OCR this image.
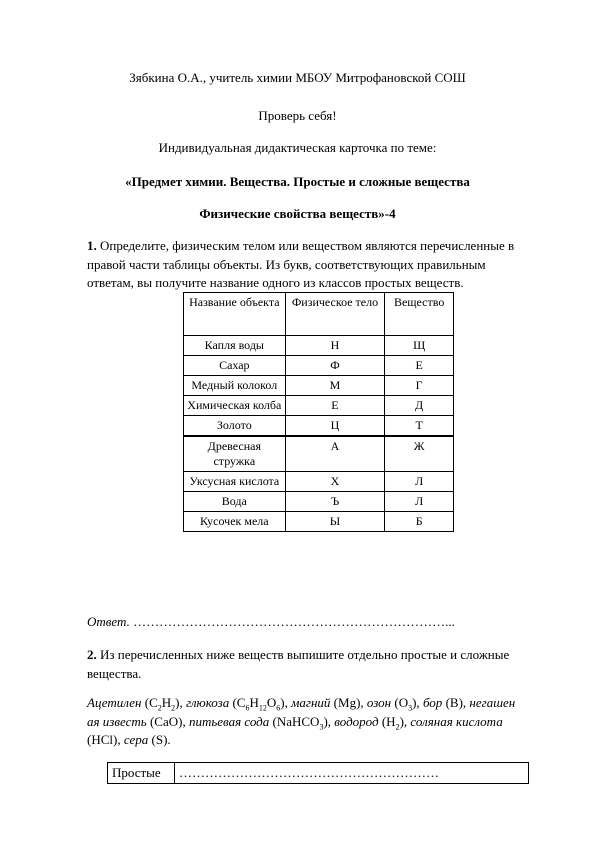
Зябкина О.А., учитель химии МБОУ Митрофановской СОШ
Проверь себя!
Индивидуальная дидактическая карточка по теме:
«Предмет химии. Вещества. Простые и сложные вещества
Физические свойства веществ»-4
1. Определите, физическим телом или веществом являются перечисленные в правой части таблицы объекты. Из букв, соответствующих правильным ответам, вы получите название одного из классов простых веществ.
Название объекта	Физическое тело	Вещество
Капля воды	Н	Щ
Сахар	Ф	Е
Медный колокол	М	Г
Химическая колба	Е	Д
Золото	Ц	Т
Древесная стружка	А	Ж
Уксусная кислота	Х	Л
Вода	Ъ	Л
Кусочек мела	Ы	Б
Ответ. ………………………………………………………………...
2. Из перечисленных ниже веществ выпишите отдельно простые и сложные вещества.
Ацетилен $(C_2H_2)$, глюкоза $(C_6H_{12}O_6)$, магний (Mg), озон $(O_3)$, бор (B), негашен ая известь (CaO), питьевая сода (NaHCO$_3$), водород $(H_2)$, соляная кислота (HCl), сера (S).
Простые	……………………………………………………
